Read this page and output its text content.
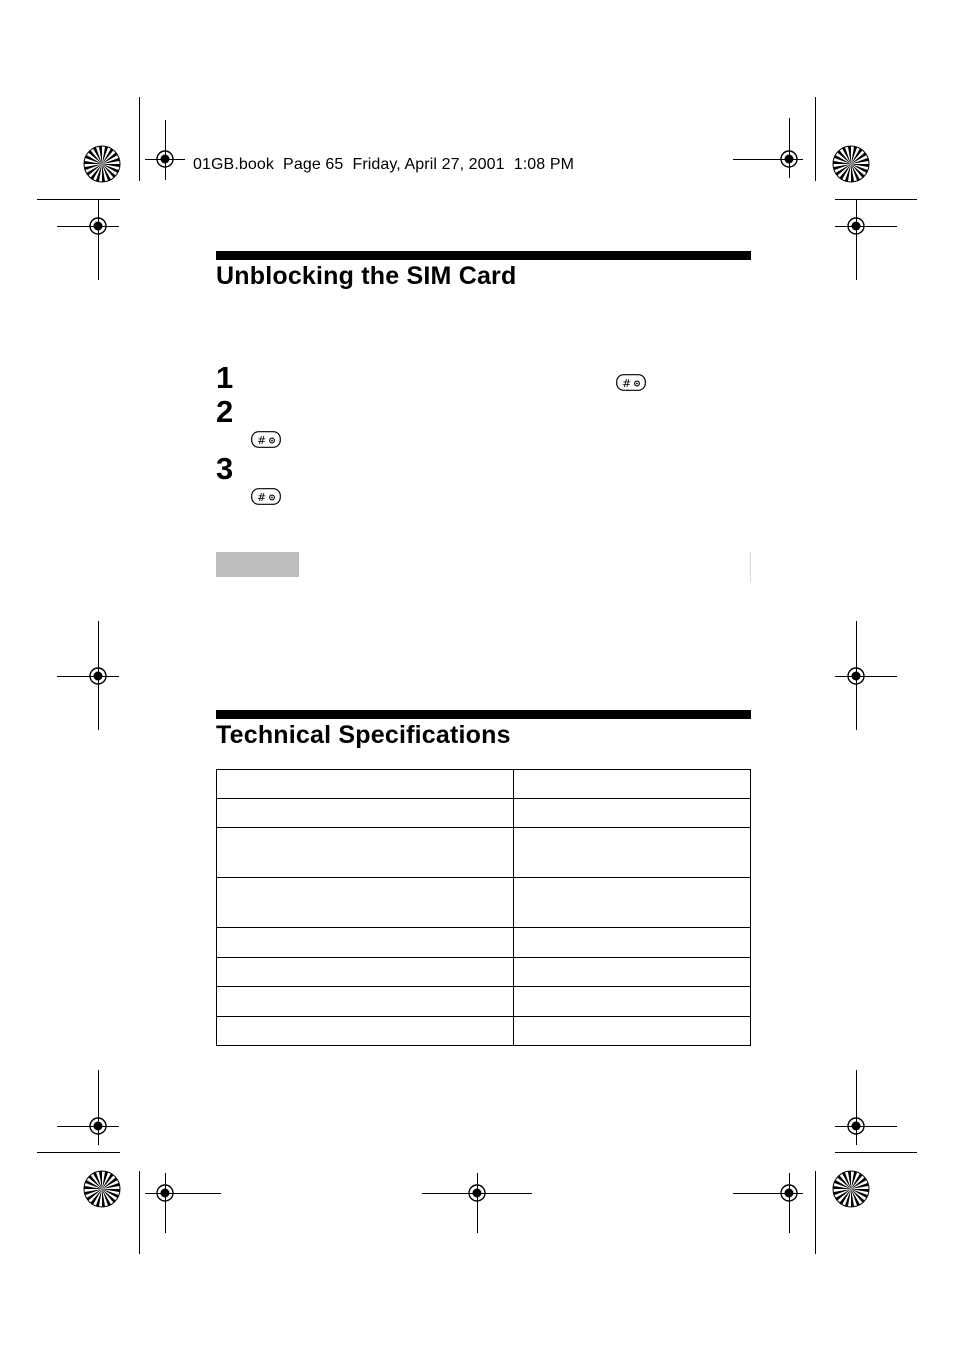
01GB.book  Page 65  Friday, April 27, 2001  1:08 PM
Unblocking the SIM Card
1
2
3
#
#
#
Technical Specifications
